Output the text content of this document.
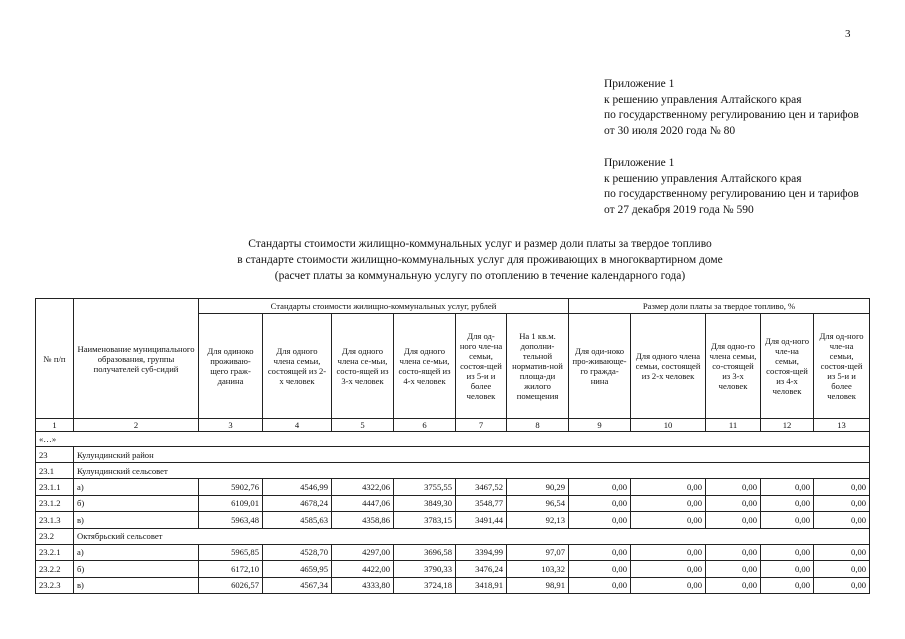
3
Приложение 1
к решению управления Алтайского края
по государственному регулированию цен и тарифов
от 30 июля 2020 года № 80
Приложение 1
к решению управления Алтайского края
по государственному регулированию цен и тарифов
от 27 декабря 2019 года № 590
Стандарты стоимости жилищно-коммунальных услуг и размер доли платы за твердое топливо
в стандарте стоимости жилищно-коммунальных услуг для проживающих в многоквартирном доме
(расчет платы за коммунальную услугу по отоплению в течение календарного года)
№ п/п	Наименование муниципального образования, группы получателей суб-сидий	Стандарты стоимости жилищно-коммунальных услуг, рублей						Размер доли платы за твердое топливо, %				
		Для одиноко проживаю-щего граж-данина	Для одного члена семьи, состоящей из 2-х человек	Для одного члена се-мьи, состо-ящей из 3-х человек	Для одного члена се-мьи, состо-ящей из 4-х человек	Для од-ного чле-на семьи, состоя-щей из 5-и и более человек	На 1 кв.м. дополни-тельной норматив-ной площа-ди жилого помещения	Для оди-ноко про-живающе-го граждa-нина	Для одного члена семьи, состоящей из 2-х человек	Для одно-го члена семьи, со-стоящей из 3-х человек	Для од-ного чле-на семьи, состоя-щей из 4-х человек	Для од-ного чле-на семьи, состоя-щей из 5-и и более человек
1	2	3	4	5	6	7	8	9	10	11	12	13
«…»												
23	Кулундинский район											
23.1	Кулундинский сельсовет											
23.1.1	а)	5902,76	4546,99	4322,06	3755,55	3467,52	90,29	0,00	0,00	0,00	0,00	0,00
23.1.2	б)	6109,01	4678,24	4447,06	3849,30	3548,77	96,54	0,00	0,00	0,00	0,00	0,00
23.1.3	в)	5963,48	4585,63	4358,86	3783,15	3491,44	92,13	0,00	0,00	0,00	0,00	0,00
23.2	Октябрьский сельсовет											
23.2.1	а)	5965,85	4528,70	4297,00	3696,58	3394,99	97,07	0,00	0,00	0,00	0,00	0,00
23.2.2	б)	6172,10	4659,95	4422,00	3790,33	3476,24	103,32	0,00	0,00	0,00	0,00	0,00
23.2.3	в)	6026,57	4567,34	4333,80	3724,18	3418,91	98,91	0,00	0,00	0,00	0,00	0,00
